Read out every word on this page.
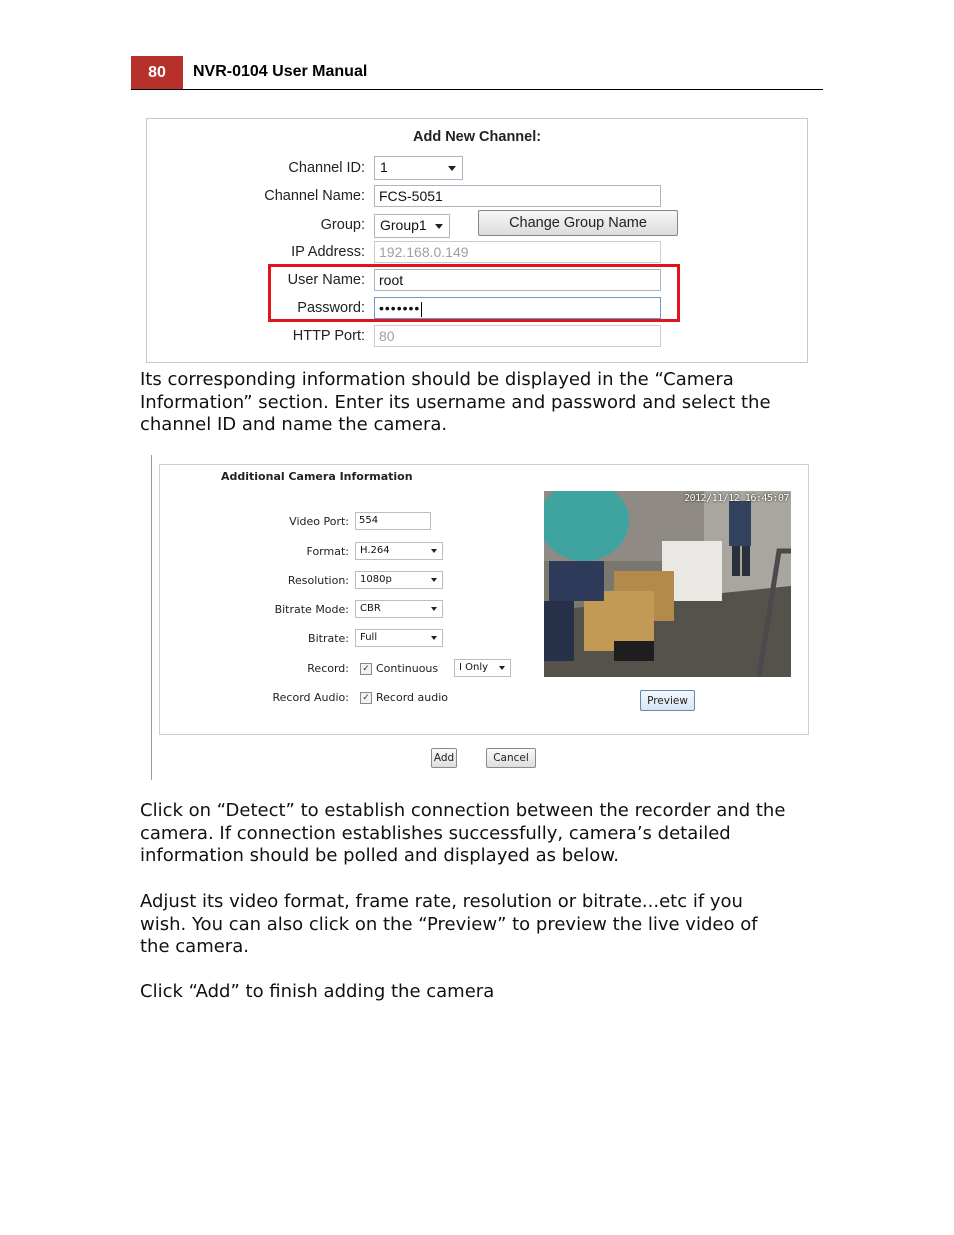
80	NVR-0104 User Manual
Add New Channel:
Channel ID:	1
Channel Name:	FCS-5051
Group:	Group1	Change Group Name
IP Address:	192.168.0.149
User Name:	root
Password:	•••••••
HTTP Port:	80
Its corresponding information should be displayed in the “Camera
Information” section. Enter its username and password and select the
channel ID and name the camera.
Additional Camera Information
Video Port:	554
Format:	H.264
Resolution:	1080p
Bitrate Mode:	CBR
Bitrate:	Full
Record: ✓ Continuous	I Only
Record Audio: ✓ Record audio
2012/11/12 16:45:07
Preview
Add	Cancel
Click on “Detect” to establish connection between the recorder and the
camera. If connection establishes successfully, camera’s detailed
information should be polled and displayed as below.
Adjust its video format, frame rate, resolution or bitrate...etc if you
wish. You can also click on the “Preview” to preview the live video of
the camera.
Click “Add” to finish adding the camera
